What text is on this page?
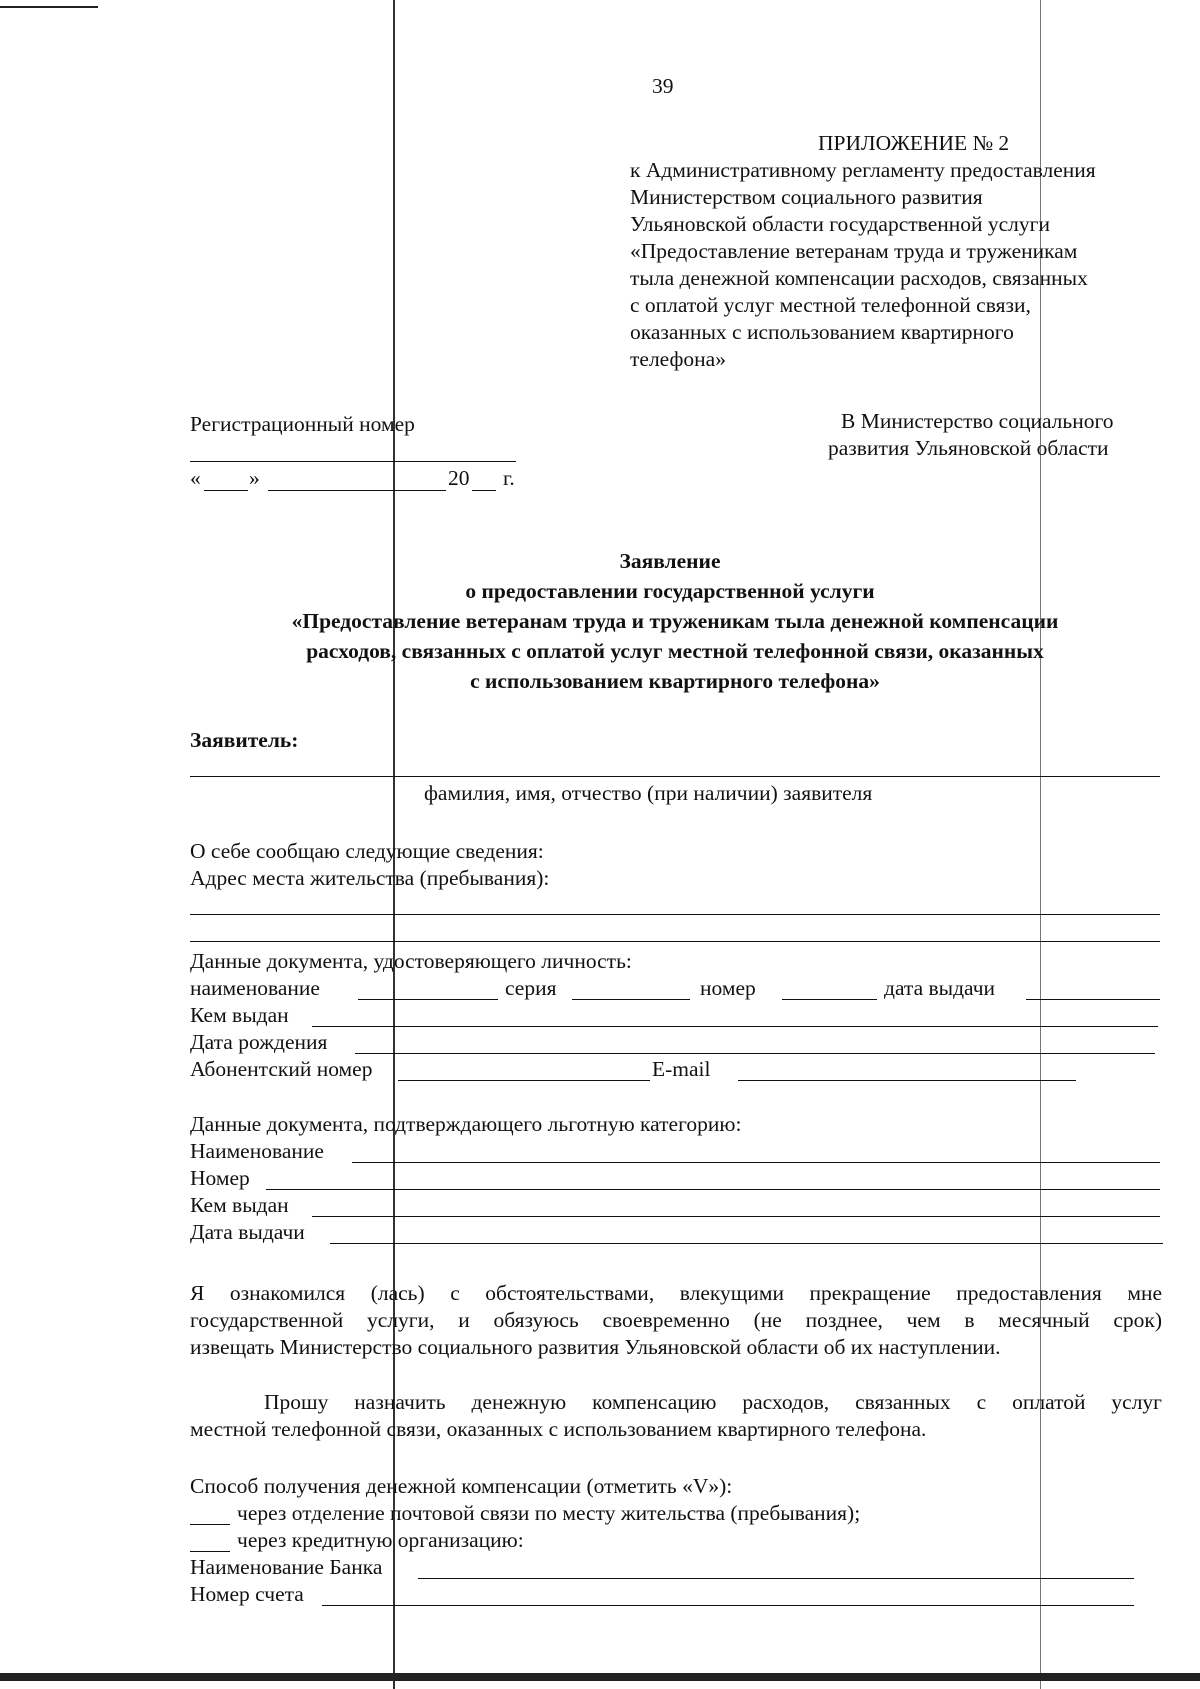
39
ПРИЛОЖЕНИЕ № 2
к Административному регламенту предоставления
Министерством социального развития
Ульяновской области государственной услуги
«Предоставление ветеранам труда и труженикам
тыла денежной компенсации расходов, связанных
с оплатой услуг местной телефонной связи,
оказанных с использованием квартирного
телефона»
Регистрационный номер
« »	20 г.
В Министерство социального
развития Ульяновской области
Заявление
о предоставлении государственной услуги
«Предоставление ветеранам труда и труженикам тыла денежной компенсации
расходов, связанных с оплатой услуг местной телефонной связи, оказанных
с использованием квартирного телефона»
Заявитель:
фамилия, имя, отчество (при наличии) заявителя
О себе сообщаю следующие сведения:
Адрес места жительства (пребывания):
Данные документа, удостоверяющего личность:
наименование	серия	номер	дата выдачи
Кем выдан
Дата рождения
Абонентский номер	E-mail
Данные документа, подтверждающего льготную категорию:
Наименование
Номер
Кем выдан
Дата выдачи
Я ознакомился (лась) с обстоятельствами, влекущими прекращение предоставления мне
государственной услуги, и обязуюсь своевременно (не позднее, чем в месячный срок)
извещать Министерство социального развития Ульяновской области об их наступлении.
Прошу назначить денежную компенсацию расходов, связанных с оплатой услуг
местной телефонной связи, оказанных с использованием квартирного телефона.
Способ получения денежной компенсации (отметить «V»):
через отделение почтовой связи по месту жительства (пребывания);
через кредитную организацию:
Наименование Банка
Номер счета
